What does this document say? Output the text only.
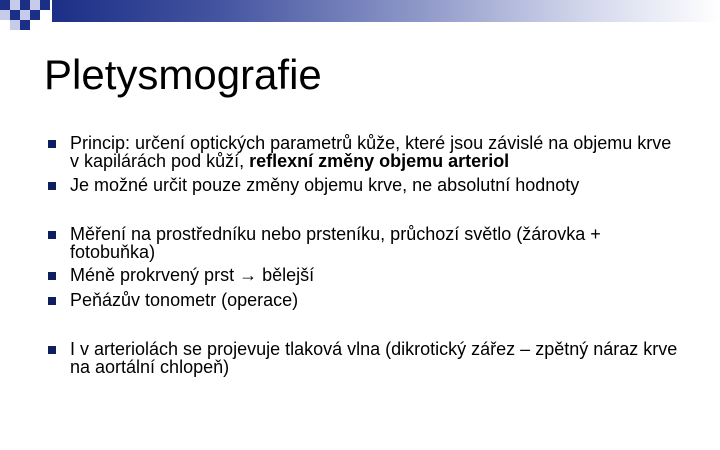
Pletysmografie

Princip: určení optických parametrů kůže, které jsou závislé na objemu krve v kapilárách pod kůží, reflexní změny objemu arteriol

Je možné určit pouze změny objemu krve, ne absolutní hodnoty

Měření na prostředníku nebo prsteníku, průchozí světlo (žárovka + fotobuňka)

Méně prokrvený prst → bělejší

Peňázův tonometr (operace)

I v arteriolách se projevuje tlaková vlna (dikrotický zářez – zpětný náraz krve na aortální chlopeň)
